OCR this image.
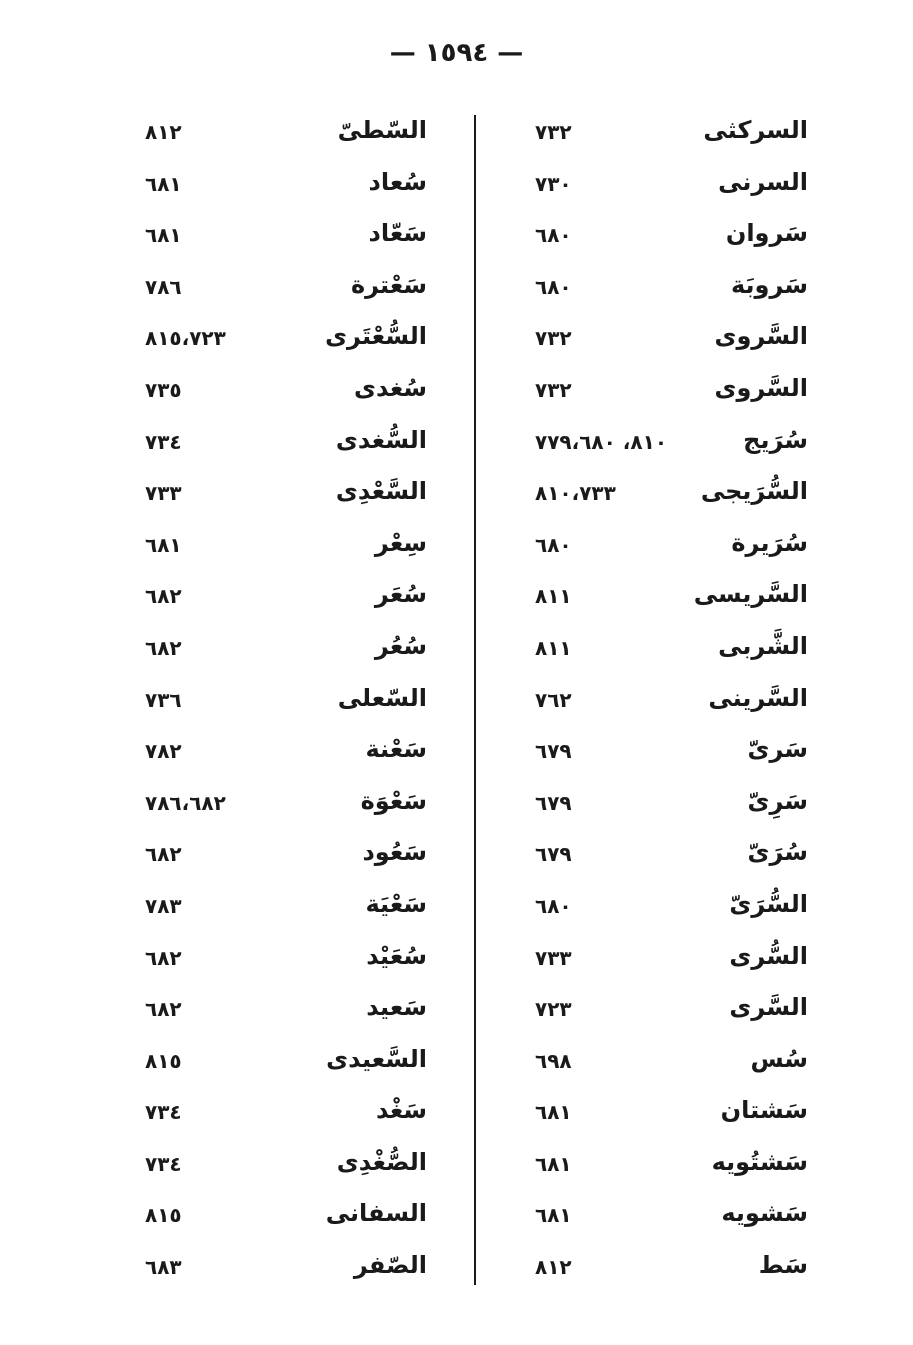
— ١٥٩٤ —
السركثى
٧٣٢
السرنى
٧٣٠
سَروان
٦٨٠
سَروبَة
٦٨٠
السَّروى
٧٣٢
السَّروى
٧٣٢
سُرَيج
٨١٠، ٧٧٩،٦٨٠
السُّرَيجى
٨١٠،٧٣٣
سُرَيرة
٦٨٠
السَّريسى
٨١١
الشَّربى
٨١١
السَّرينى
٧٦٢
سَرىّ
٦٧٩
سَرِىّ
٦٧٩
سُرَىّ
٦٧٩
السُّرَىّ
٦٨٠
السُّرى
٧٣٣
السَّرى
٧٢٣
سُس
٦٩٨
سَشتان
٦٨١
سَشتُويه
٦٨١
سَشويه
٦٨١
سَط
٨١٢
السّطىّ
٨١٢
سُعاد
٦٨١
سَعّاد
٦٨١
سَعْترة
٧٨٦
السُّعْتَرى
٨١٥،٧٢٣
سُغدى
٧٣٥
السُّغدى
٧٣٤
السَّعْدِى
٧٣٣
سِعْر
٦٨١
سُعَر
٦٨٢
سُعُر
٦٨٢
السّعلى
٧٣٦
سَعْنة
٧٨٢
سَعْوَة
٧٨٦،٦٨٢
سَعُود
٦٨٢
سَعْيَة
٧٨٣
سُعَيْد
٦٨٢
سَعيد
٦٨٢
السَّعيدى
٨١٥
سَغْد
٧٣٤
الصُّغْدِى
٧٣٤
السفانى
٨١٥
الصّفر
٦٨٣
